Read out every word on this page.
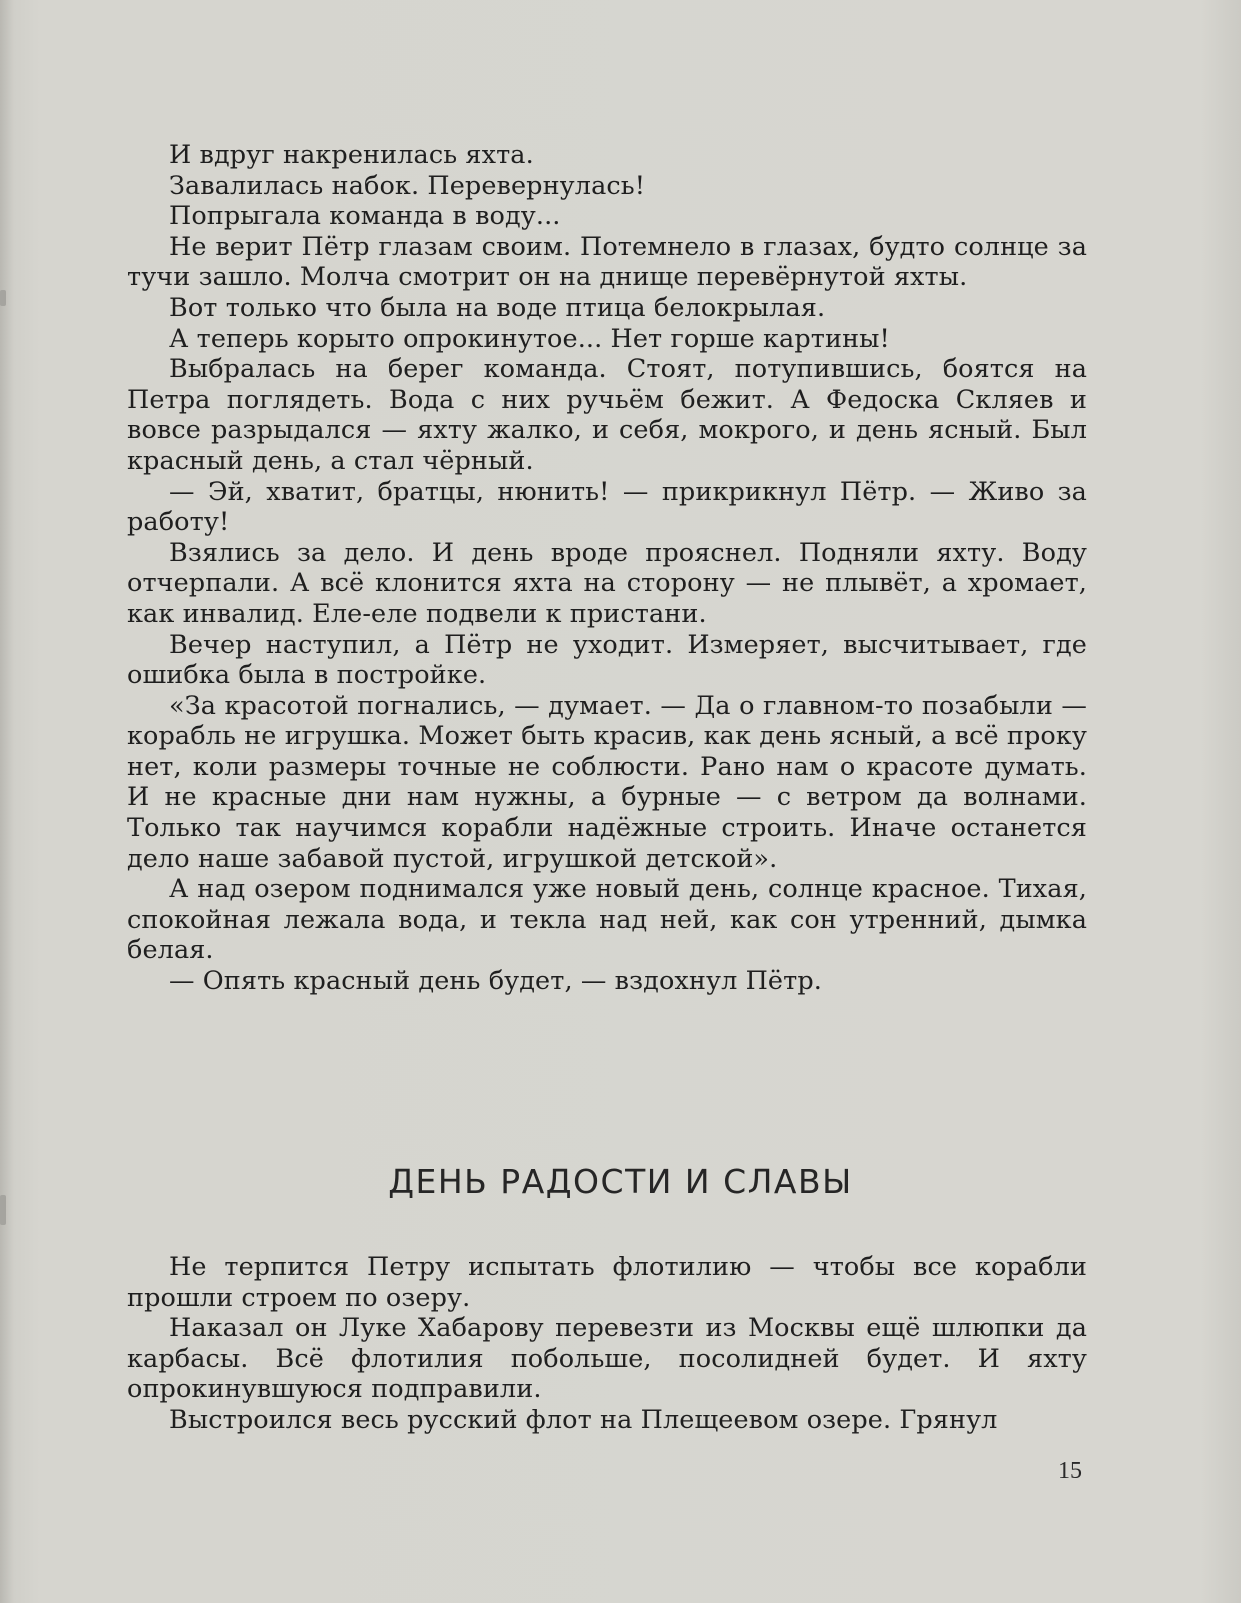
И вдруг накренилась яхта.

Завалилась набок. Перевернулась!

Попрыгала команда в воду...

Не верит Пётр глазам своим. Потемнело в глазах, будто солнце за тучи зашло. Молча смотрит он на днище перевёрнутой яхты.

Вот только что была на воде птица белокрылая.

А теперь корыто опрокинутое... Нет горше картины!

Выбралась на берег команда. Стоят, потупившись, боятся на Петра поглядеть. Вода с них ручьём бежит. А Федоска Скляев и вовсе разрыдался — яхту жалко, и себя, мокрого, и день ясный. Был красный день, а стал чёрный.

— Эй, хватит, братцы, нюнить! — прикрикнул Пётр. — Живо за работу!

Взялись за дело. И день вроде прояснел. Подняли яхту. Воду отчерпали. А всё клонится яхта на сторону — не плывёт, а хромает, как инвалид. Еле-еле подвели к пристани.

Вечер наступил, а Пётр не уходит. Измеряет, высчитывает, где ошибка была в постройке.

«За красотой погнались, — думает. — Да о главном-то позабыли — корабль не игрушка. Может быть красив, как день ясный, а всё проку нет, коли размеры точные не соблюсти. Рано нам о красоте думать. И не красные дни нам нужны, а бурные — с ветром да волнами. Только так научимся корабли надёжные строить. Иначе останется дело наше забавой пустой, игрушкой детской».

А над озером поднимался уже новый день, солнце красное. Тихая, спокойная лежала вода, и текла над ней, как сон утренний, дымка белая.

— Опять красный день будет, — вздохнул Пётр.

ДЕНЬ РАДОСТИ И СЛАВЫ

Не терпится Петру испытать флотилию — чтобы все корабли прошли строем по озеру.

Наказал он Луке Хабарову перевезти из Москвы ещё шлюпки да карбасы. Всё флотилия побольше, посолидней будет. И яхту опрокинувшуюся подправили.

Выстроился весь русский флот на Плещеевом озере. Грянул

15
